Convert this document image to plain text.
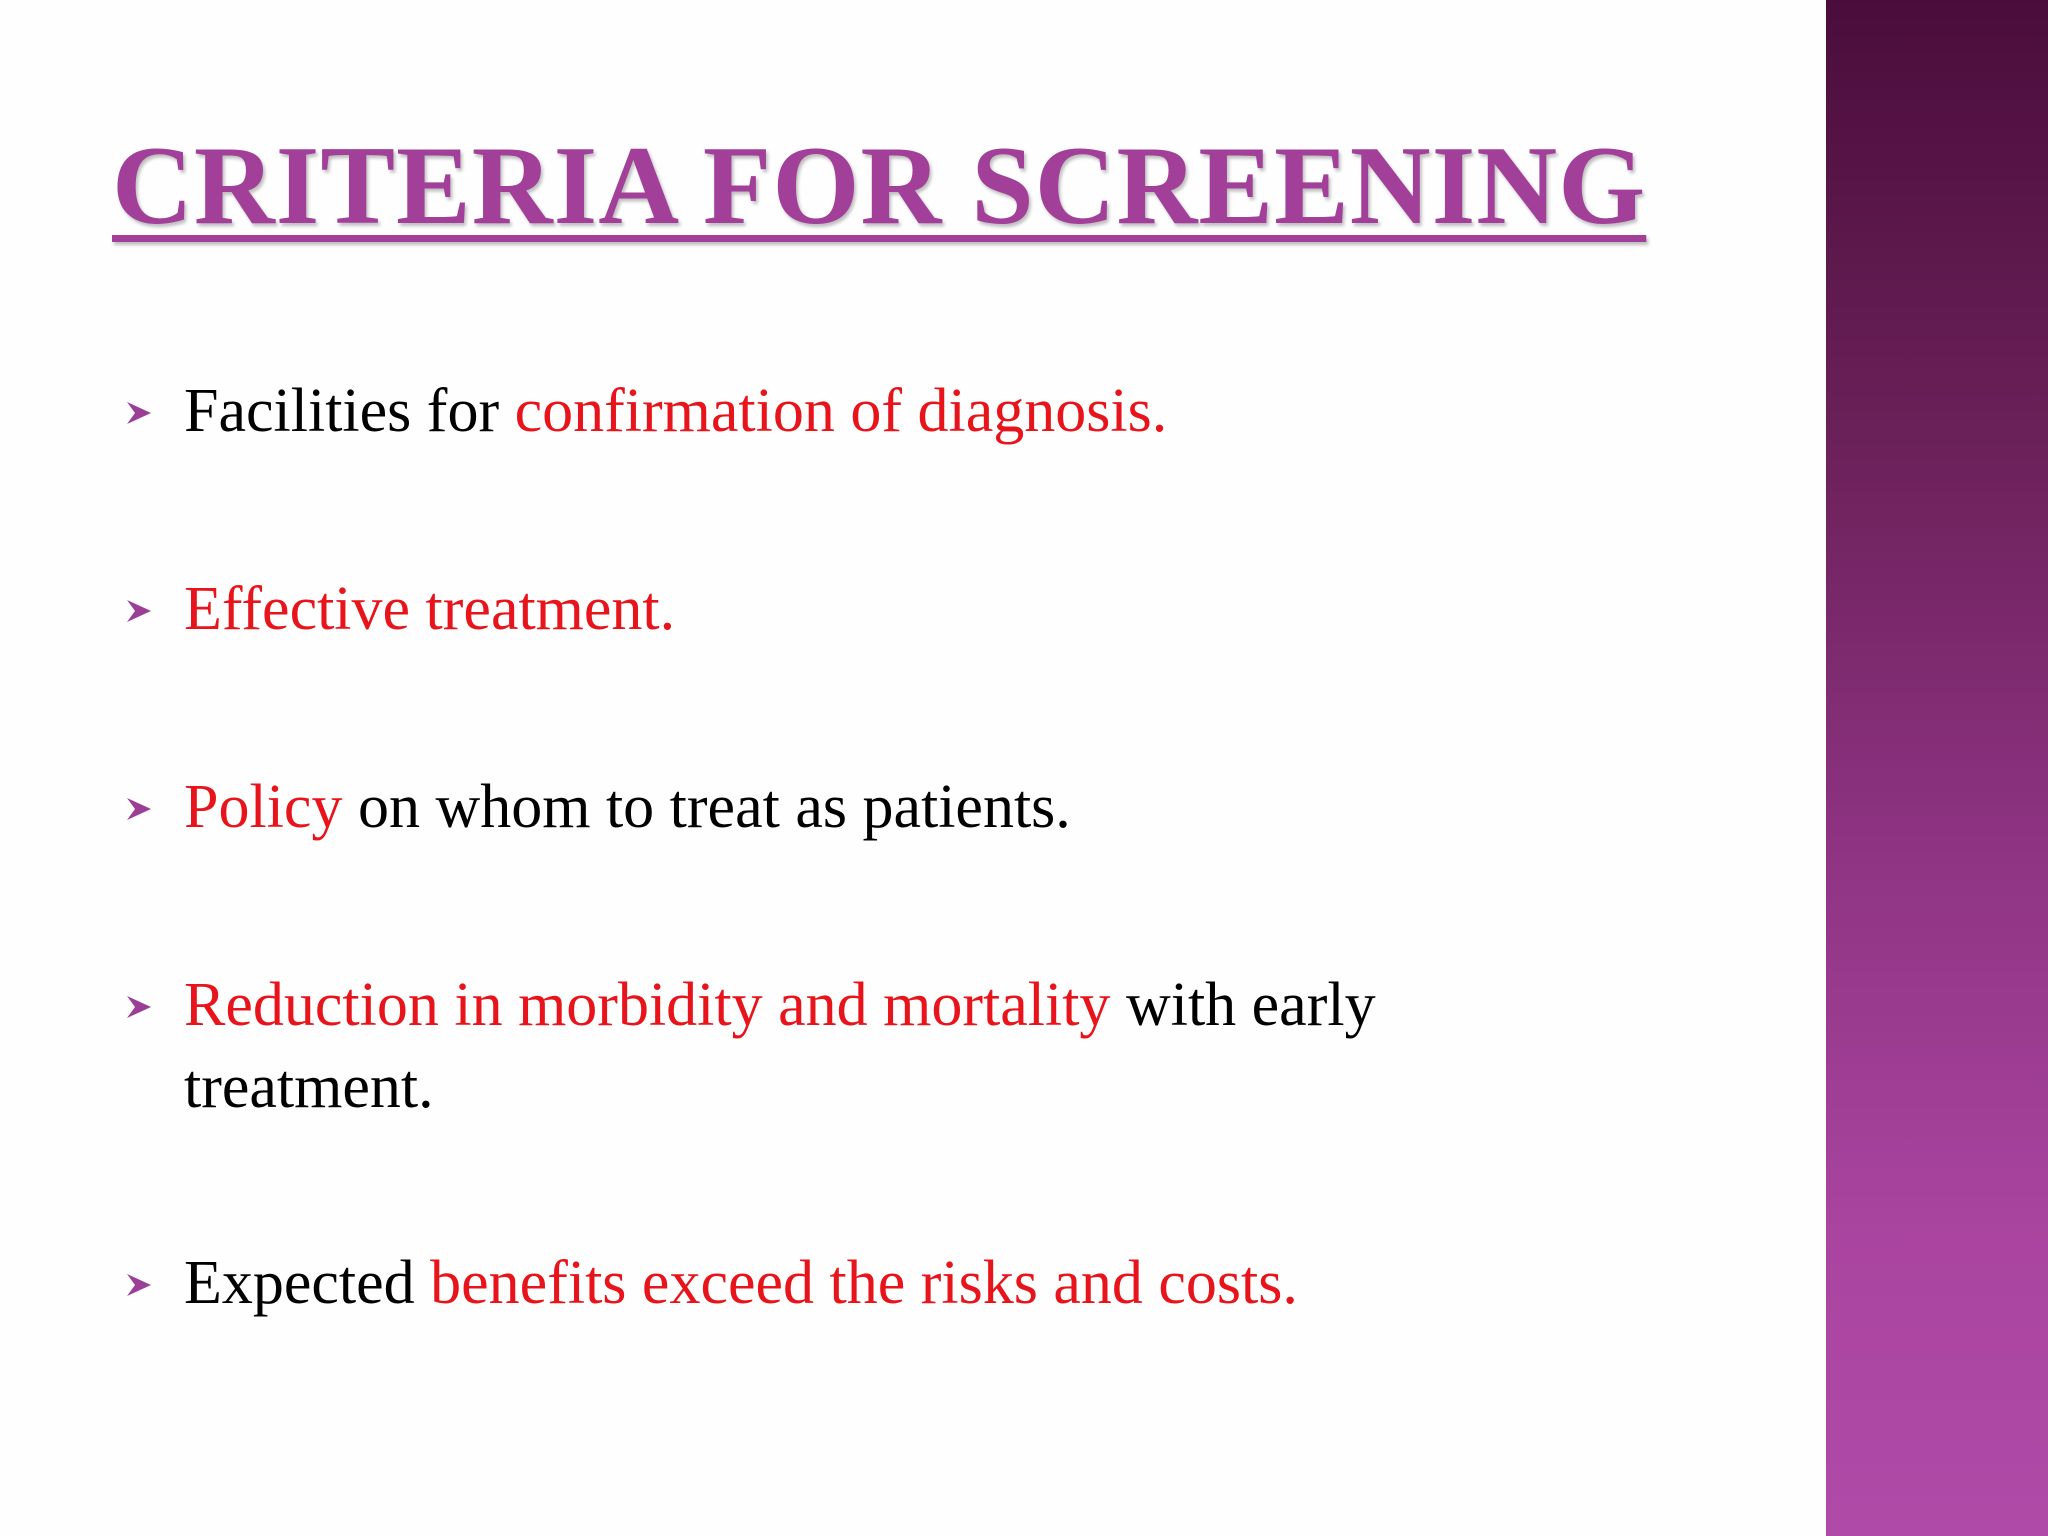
CRITERIA FOR SCREENING
Facilities for confirmation of diagnosis.
Effective treatment.
Policy on whom to treat as patients.
Reduction in morbidity and mortality with early treatment.
Expected benefits exceed the risks and costs.
